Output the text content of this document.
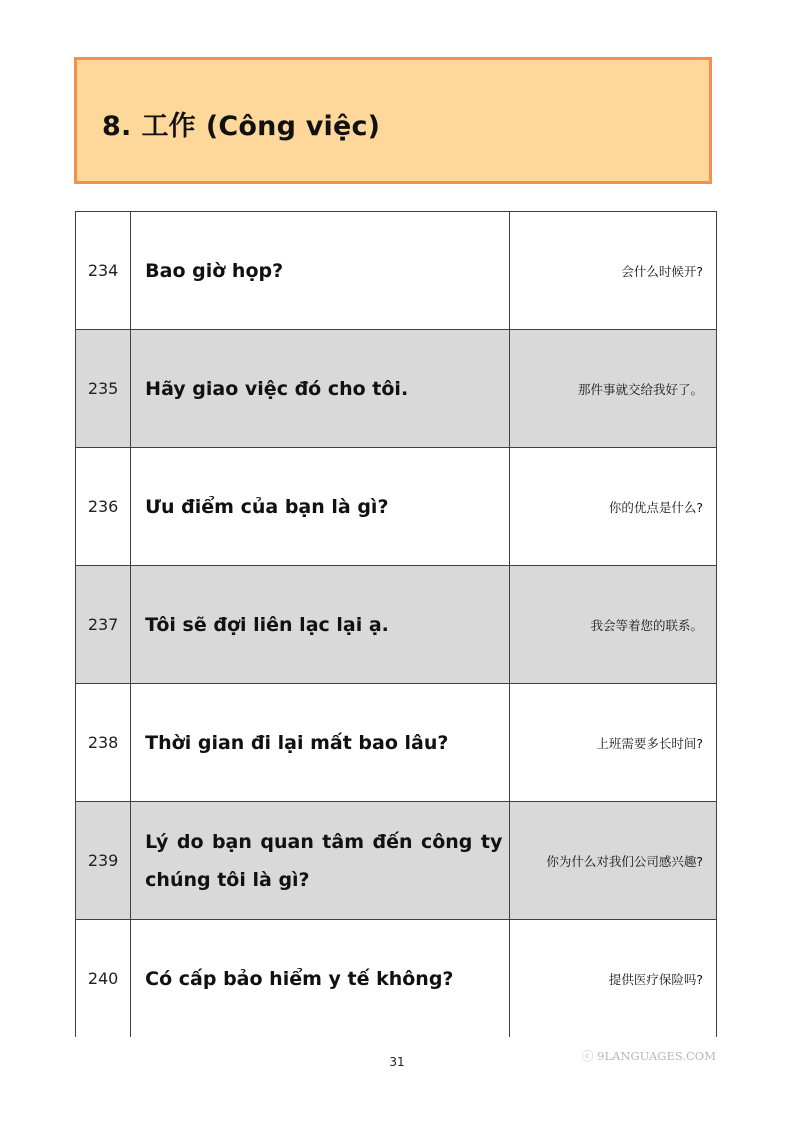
8. 工作 (Công việc)
234	Bao giờ họp?	会什么时候开?
235	Hãy giao việc đó cho tôi.	那件事就交给我好了。
236	Ưu điểm của bạn là gì?	你的优点是什么?
237	Tôi sẽ đợi liên lạc lại ạ.	我会等着您的联系。
238	Thời gian đi lại mất bao lâu?	上班需要多长时间?
239	Lý do bạn quan tâm đến công ty chúng tôi là gì?	你为什么对我们公司感兴趣?
240	Có cấp bảo hiểm y tế không?	提供医疗保险吗?
31	ⓒ 9LANGUAGES.COM
